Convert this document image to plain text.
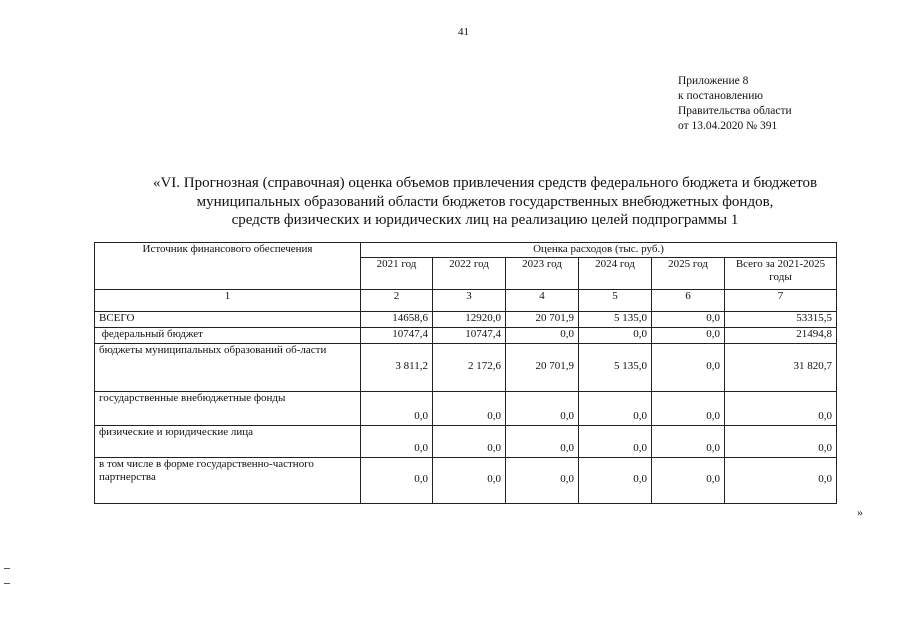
41
Приложение 8
к постановлению
Правительства области
от 13.04.2020 № 391
«VI. Прогнозная (справочная) оценка объемов привлечения средств федерального бюджета и бюджетов
муниципальных образований области бюджетов государственных внебюджетных фондов,
средств физических и юридических лиц на реализацию целей подпрограммы 1
Источник финансового обеспечения	Оценка расходов (тыс. руб.)					
	2021 год	2022 год	2023 год	2024 год	2025 год	Всего за 2021-2025 годы
1	2	3	4	5	6	7
ВСЕГО	14658,6	12920,0	20 701,9	5 135,0	0,0	53315,5
федеральный бюджет	10747,4	10747,4	0,0	0,0	0,0	21494,8
бюджеты муниципальных образований об-ласти	3 811,2	2 172,6	20 701,9	5 135,0	0,0	31 820,7
государственные внебюджетные фонды	0,0	0,0	0,0	0,0	0,0	0,0
физические и юридические лица	0,0	0,0	0,0	0,0	0,0	0,0
в том числе в форме государственно-частного партнерства	0,0	0,0	0,0	0,0	0,0	0,0
»
